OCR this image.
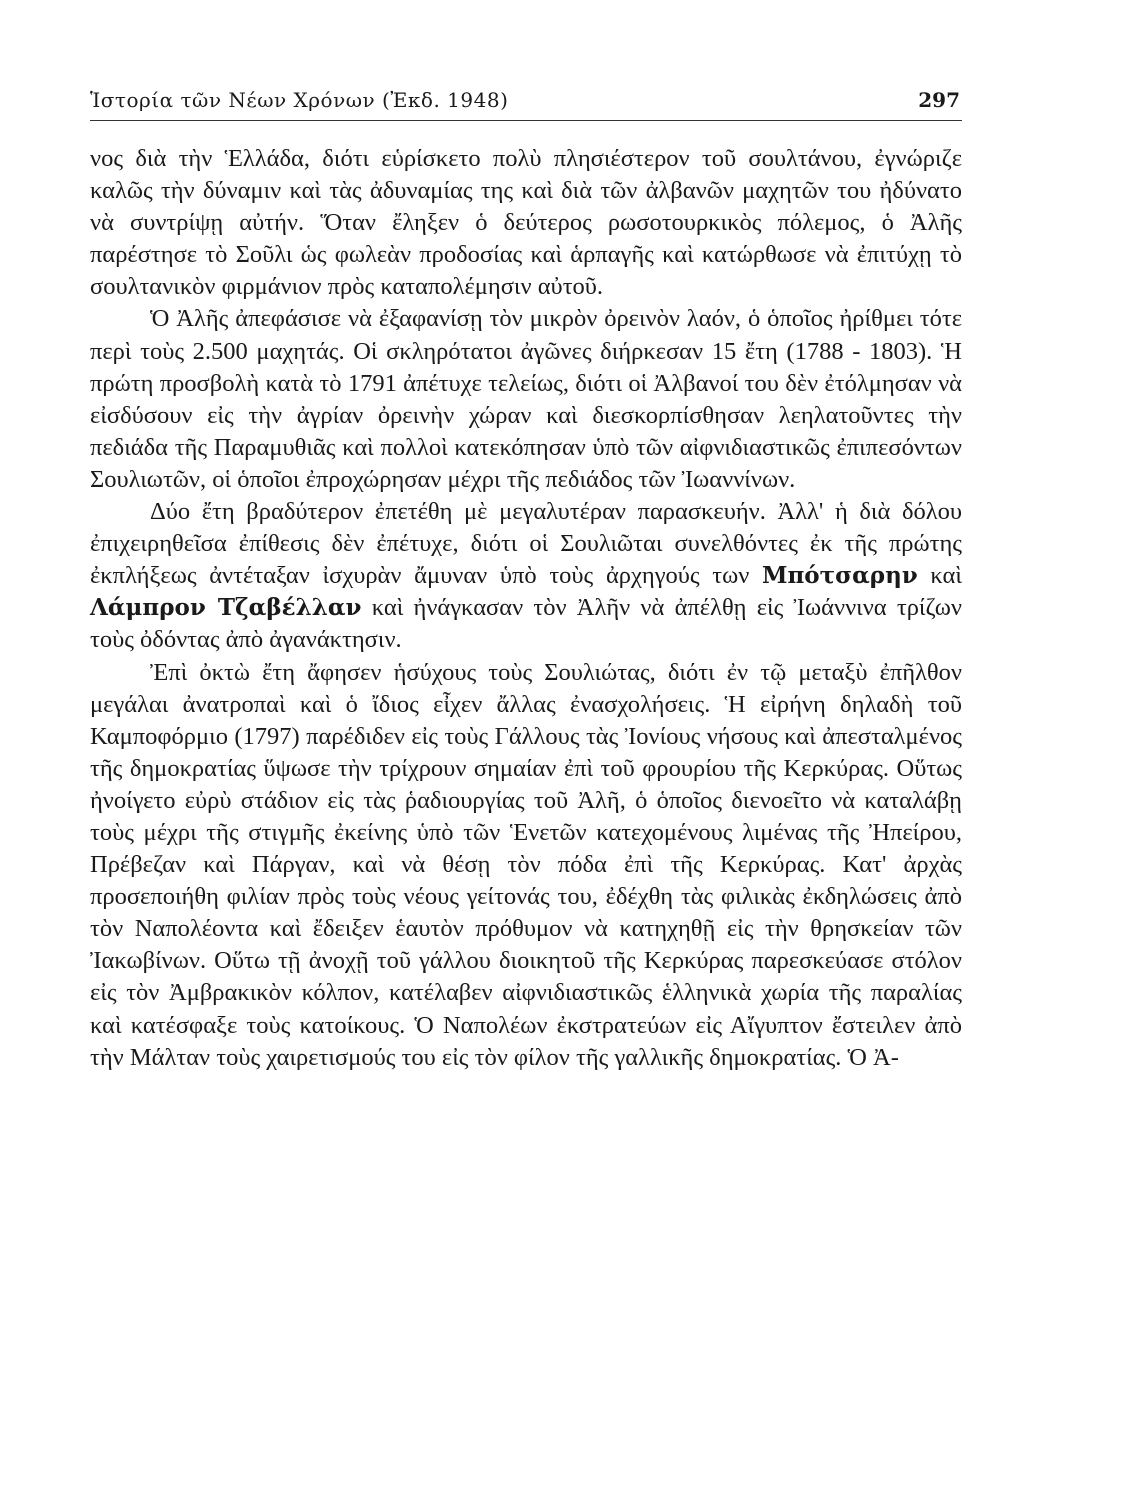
Ἱστορία τῶν Νέων Χρόνων (Ἐκδ. 1948)	297

νος διὰ τὴν Ἑλλάδα, διότι εὑρίσκετο πολὺ πλησιέστερον τοῦ σουλτάνου, ἐγνώριζε καλῶς τὴν δύναμιν καὶ τὰς ἀδυναμίας της καὶ διὰ τῶν ἀλβανῶν μαχητῶν του ἠδύνατο νὰ συντρίψῃ αὐτήν. Ὅταν ἔληξεν ὁ δεύτερος ρωσοτουρκικὸς πόλεμος, ὁ Ἀλῆς παρέστησε τὸ Σοῦλι ὡς φωλεὰν προδοσίας καὶ ἁρπαγῆς καὶ κατώρθωσε νὰ ἐπιτύχῃ τὸ σουλτανικὸν φιρμάνιον πρὸς καταπολέμησιν αὐτοῦ.

Ὁ Ἀλῆς ἀπεφάσισε νὰ ἐξαφανίσῃ τὸν μικρὸν ὀρεινὸν λαόν, ὁ ὁποῖος ἠρίθμει τότε περὶ τοὺς 2.500 μαχητάς. Οἱ σκληρότατοι ἀγῶνες διήρκεσαν 15 ἔτη (1788 - 1803). Ἡ πρώτη προσβολὴ κατὰ τὸ 1791 ἀπέτυχε τελείως, διότι οἱ Ἀλβανοί του δὲν ἐτόλμησαν νὰ εἰσδύσουν εἰς τὴν ἀγρίαν ὀρεινὴν χώραν καὶ διεσκορπίσθησαν λεηλατοῦντες τὴν πεδιάδα τῆς Παραμυθιᾶς καὶ πολλοὶ κατεκόπησαν ὑπὸ τῶν αἰφνιδιαστικῶς ἐπιπεσόντων Σουλιωτῶν, οἱ ὁποῖοι ἐπροχώρησαν μέχρι τῆς πεδιάδος τῶν Ἰωαννίνων.

Δύο ἔτη βραδύτερον ἐπετέθη μὲ μεγαλυτέραν παρασκευήν. Ἀλλ' ἡ διὰ δόλου ἐπιχειρηθεῖσα ἐπίθεσις δὲν ἐπέτυχε, διότι οἱ Σουλιῶται συνελθόντες ἐκ τῆς πρώτης ἐκπλήξεως ἀντέταξαν ἰσχυρὰν ἄμυναν ὑπὸ τοὺς ἀρχηγούς των Μπότσαρην καὶ Λάμπρον Τζαβέλλαν καὶ ἠνάγκασαν τὸν Ἀλῆν νὰ ἀπέλθῃ εἰς Ἰωάννινα τρίζων τοὺς ὀδόντας ἀπὸ ἀγανάκτησιν.

Ἐπὶ ὀκτὼ ἔτη ἄφησεν ἡσύχους τοὺς Σουλιώτας, διότι ἐν τῷ μεταξὺ ἐπῆλθον μεγάλαι ἀνατροπαὶ καὶ ὁ ἴδιος εἶχεν ἄλλας ἐνασχολήσεις. Ἡ εἰρήνη δηλαδὴ τοῦ Καμποφόρμιο (1797) παρέδιδεν εἰς τοὺς Γάλλους τὰς Ἰονίους νήσους καὶ ἀπεσταλμένος τῆς δημοκρατίας ὕψωσε τὴν τρίχρουν σημαίαν ἐπὶ τοῦ φρουρίου τῆς Κερκύρας. Οὕτως ἠνοίγετο εὐρὺ στάδιον εἰς τὰς ῥαδιουργίας τοῦ Ἀλῆ, ὁ ὁποῖος διενοεῖτο νὰ καταλάβῃ τοὺς μέχρι τῆς στιγμῆς ἐκείνης ὑπὸ τῶν Ἑνετῶν κατεχομένους λιμένας τῆς Ἠπείρου, Πρέβεζαν καὶ Πάργαν, καὶ νὰ θέσῃ τὸν πόδα ἐπὶ τῆς Κερκύρας. Κατ' ἀρχὰς προσεποιήθη φιλίαν πρὸς τοὺς νέους γείτονάς του, ἐδέχθη τὰς φιλικὰς ἐκδηλώσεις ἀπὸ τὸν Ναπολέοντα καὶ ἔδειξεν ἑαυτὸν πρόθυμον νὰ κατηχηθῇ εἰς τὴν θρησκείαν τῶν Ἰακωβίνων. Οὕτω τῇ ἀνοχῇ τοῦ γάλλου διοικητοῦ τῆς Κερκύρας παρεσκεύασε στόλον εἰς τὸν Ἀμβρακικὸν κόλπον, κατέλαβεν αἰφνιδιαστικῶς ἑλληνικὰ χωρία τῆς παραλίας καὶ κατέσφαξε τοὺς κατοίκους. Ὁ Ναπολέων ἐκστρατεύων εἰς Αἴγυπτον ἔστειλεν ἀπὸ τὴν Μάλταν τοὺς χαιρετισμούς του εἰς τὸν φίλον τῆς γαλλικῆς δημοκρατίας. Ὁ Ἀ-
